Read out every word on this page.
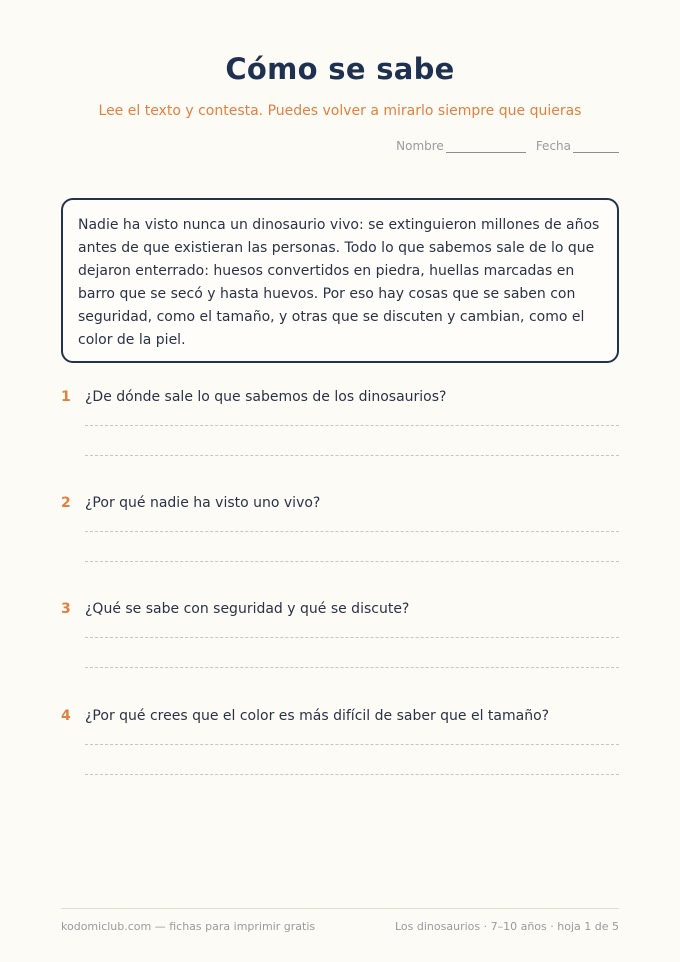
Cómo se sabe
Lee el texto y contesta. Puedes volver a mirarlo siempre que quieras
Nombre	Fecha
Nadie ha visto nunca un dinosaurio vivo: se extinguieron millones de años antes de que existieran las personas. Todo lo que sabemos sale de lo que dejaron enterrado: huesos convertidos en piedra, huellas marcadas en barro que se secó y hasta huevos. Por eso hay cosas que se saben con seguridad, como el tamaño, y otras que se discuten y cambian, como el color de la piel.
1	¿De dónde sale lo que sabemos de los dinosaurios?
2	¿Por qué nadie ha visto uno vivo?
3	¿Qué se sabe con seguridad y qué se discute?
4	¿Por qué crees que el color es más difícil de saber que el tamaño?
kodomiclub.com — fichas para imprimir gratis	Los dinosaurios · 7–10 años · hoja 1 de 5
